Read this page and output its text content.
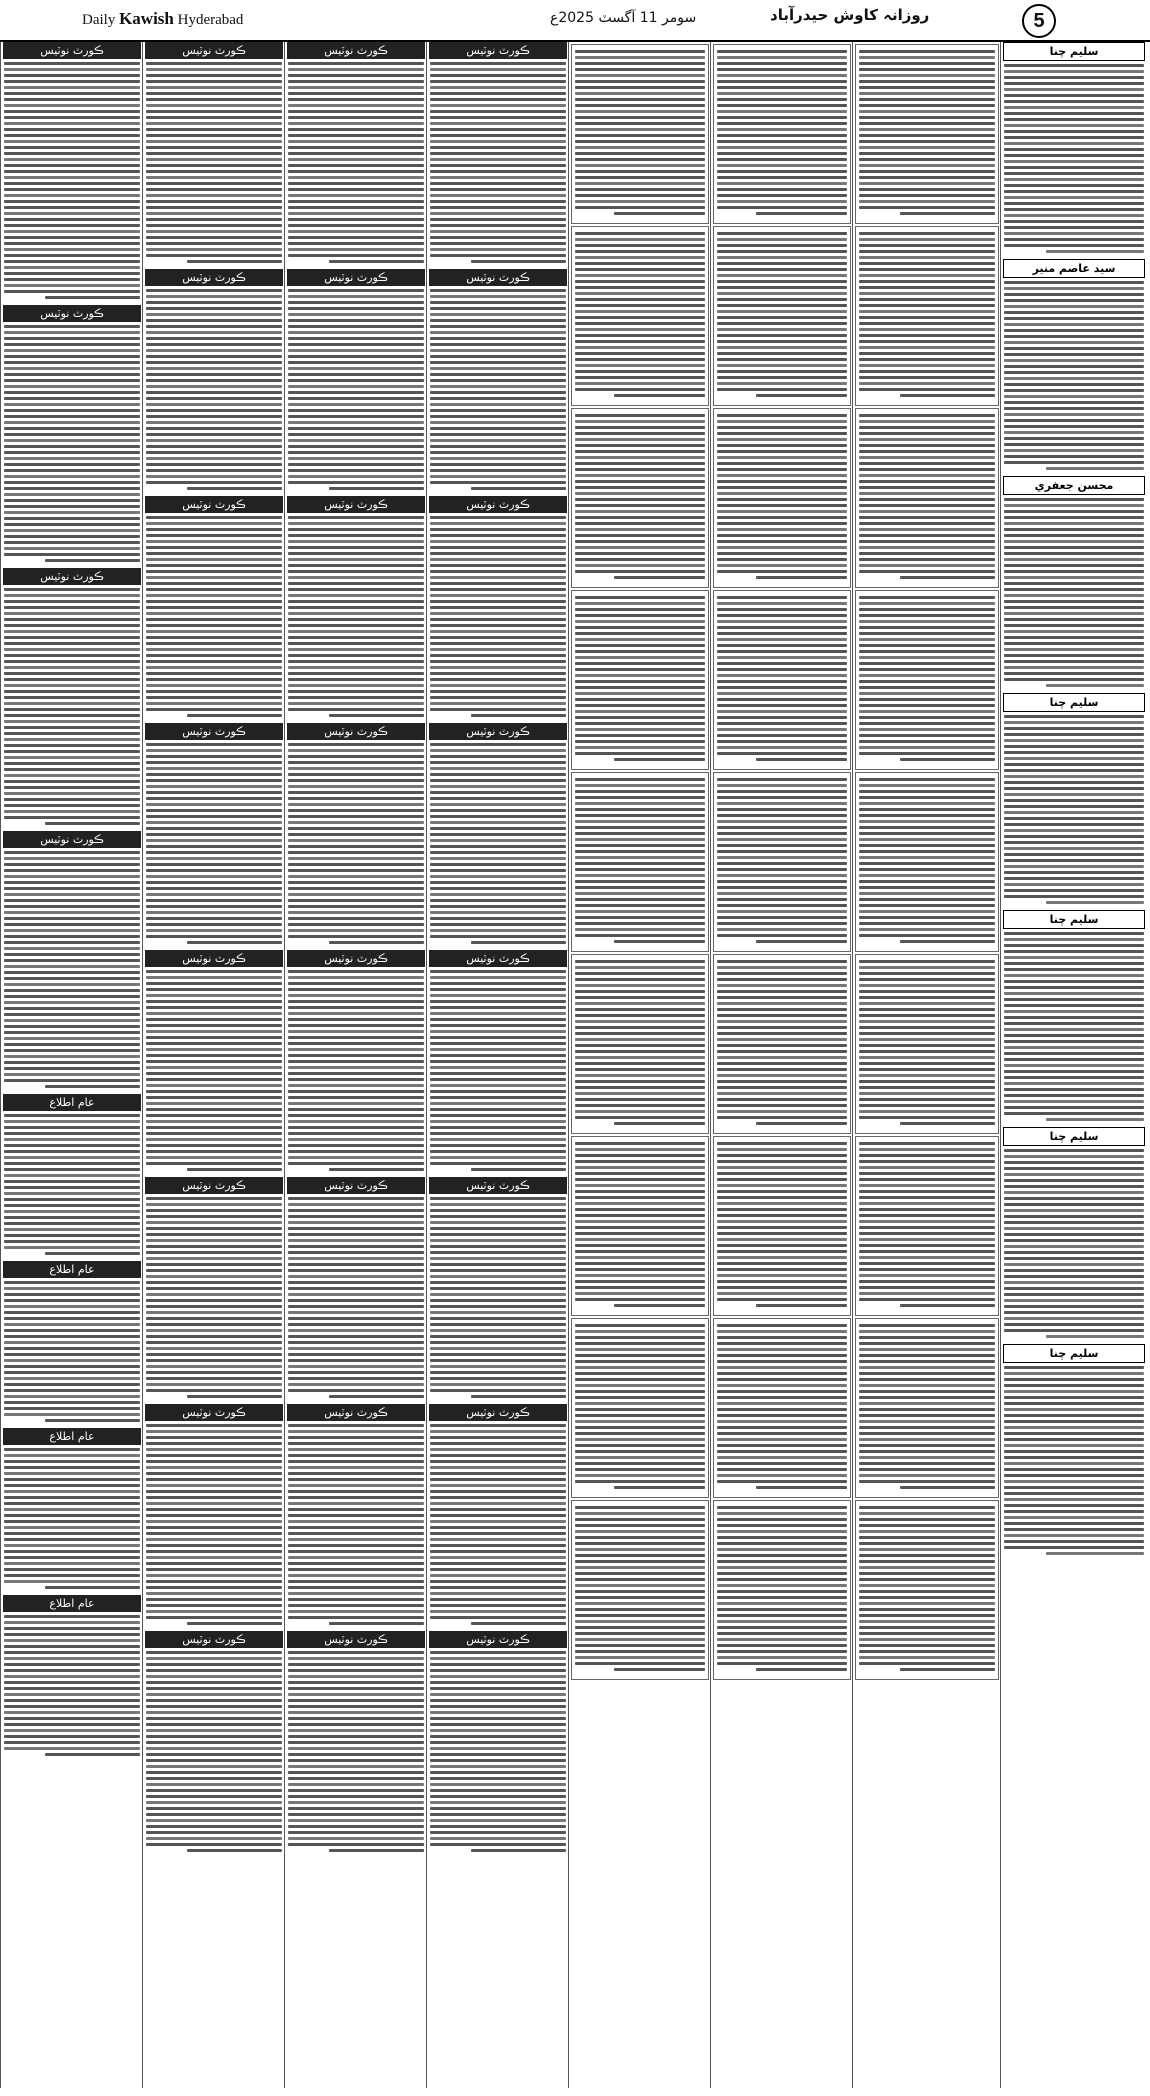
Daily Kawish Hyderabad	سومر 11 آگسٽ 2025ع	روزانہ کاوش حیدرآباد	5
ڪورٽ نوٽيس
ڪورٽ نوٽيس
ڪورٽ نوٽيس
ڪورٽ نوٽيس
عام اطلاع
عام اطلاع
عام اطلاع
عام اطلاع
ڪورٽ نوٽيس
ڪورٽ نوٽيس
ڪورٽ نوٽيس
ڪورٽ نوٽيس
ڪورٽ نوٽيس
ڪورٽ نوٽيس
ڪورٽ نوٽيس
ڪورٽ نوٽيس
ڪورٽ نوٽيس
ڪورٽ نوٽيس
ڪورٽ نوٽيس
ڪورٽ نوٽيس
ڪورٽ نوٽيس
ڪورٽ نوٽيس
ڪورٽ نوٽيس
ڪورٽ نوٽيس
ڪورٽ نوٽيس
ڪورٽ نوٽيس
ڪورٽ نوٽيس
ڪورٽ نوٽيس
ڪورٽ نوٽيس
ڪورٽ نوٽيس
ڪورٽ نوٽيس
ڪورٽ نوٽيس
سليم چنا
سيد عاصم منير
محسن جعفري
سليم چنا
سليم چنا
سليم چنا
سليم چنا
